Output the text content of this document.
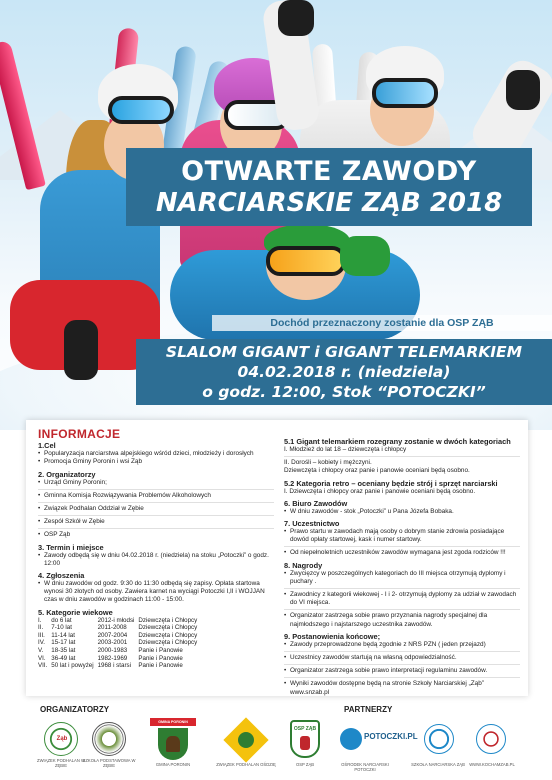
OTWARTE ZAWODY
NARCIARSKIE ZĄB 2018
Dochód przeznaczony zostanie dla OSP ZĄB
SLALOM GIGANT i GIGANT TELEMARKIEM
04.02.2018 r. (niedziela)
o godz. 12:00, Stok “POTOCZKI”
INFORMACJE
1.Cel
• Popularyzacja narciarstwa alpejskiego wśród dzieci, młodzieży i dorosłych
• Promocja Gminy Poronin i wsi Ząb
2. Organizatorzy
• Urząd Gminy Poronin;
• Gminna Komisja Rozwiązywania Problemów Alkoholowych
• Związek Podhalan Oddział w Zębie
• Zespół Szkół w Zębie
• OSP Ząb
3. Termin i miejsce
• Zawody odbędą się w dniu 04.02.2018 r. (niedziela) na stoku „Potoczki” o godz. 12:00
4. Zgłoszenia
• W dniu zawodów od godz. 9:30 do 11:30 odbędą się zapisy. Opłata startowa wynosi 30 złotych od osoby. Zawiera karnet na wyciągi Potoczki I,II i WOJJAN czas w dniu zawodów w godzinach 11:00 - 15:00.
5. Kategorie wiekowe
I.	do 6 lat	2012-i młodsi	Dziewczęta i Chłopcy
II.	7-10 lat	2011-2008	Dziewczęta i Chłopcy
III.	11-14 lat	2007-2004	Dziewczęta i Chłopcy
IV.	15-17 lat	2003-2001	Dziewczęta i Chłopcy
V.	18-35 lat	2000-1983	Panie i Panowie
VI.	36-49 lat	1982-1969	Panie i Panowie
VII.	50 lat i powyżej	1968 i starsi	Panie i Panowie
5.1 Gigant telemarkiem rozegrany zostanie w dwóch kategoriach
I. Młodzież do lat 18 – dziewczęta i chłopcy
II. Dorośli – kobiety i mężczyni.
Dziewczęta i chłopcy oraz panie i panowie oceniani będą osobno.
5.2 Kategoria retro – oceniany będzie strój i sprzęt narciarski
I. Dziewczęta i chłopcy oraz panie i panowie oceniani będą osobno.
6. Biuro Zawodów
• W dniu zawodów - stok „Potoczki” u Pana Józefa Bobaka.
7. Uczestnictwo
• Prawo startu w zawodach mają osoby o dobrym stanie zdrowia posiadające dowód opłaty startowej, kask i numer startowy.
• Od niepełnoletnich uczestników zawodów wymagana jest zgoda rodziców !!!
8. Nagrody
• Zwycięzcy w poszczególnych kategoriach do III miejsca otrzymują dyplomy i puchary .
• Zawodnicy z kategorii wiekowej - I i 2- otrzymują dyplomy za udział w zawodach do VI miejsca.
• Organizator zastrzega sobie prawo przyznania nagrody specjalnej dla najmłodszego i najstarszego uczestnika zawodów.
9. Postanowienia końcowe;
• Zawody przeprowadzone będą zgodnie z NRS PZN ( jeden przejazd)
• Uczestnicy zawodów startują na własną odpowiedzialność.
• Organizator zastrzega sobie prawo interpretacji regulaminu zawodów.
• Wyniki zawodów dostępne będą na stronie Szkoły Narciarskiej „Ząb” www.snzab.pl
ORGANIZATORZY	PARTNERZY
Ząb
ZWIĄZEK PODHALAN W ZĘBIE
SZKOŁA PODSTAWOWA W ZĘBIE
GMINA PORONIN
GMINA PORONIN	ZWIĄZEK PODHALAN OŚDZIĘ
OSP ZĄB
OSP ZĄB
POTOCZKI.PL
OŚRODEK NARCIARSKI POTOCZKI
SZKOŁA NARCIARSKA ZĄB	WWW.KOCHAMZAB.PL
